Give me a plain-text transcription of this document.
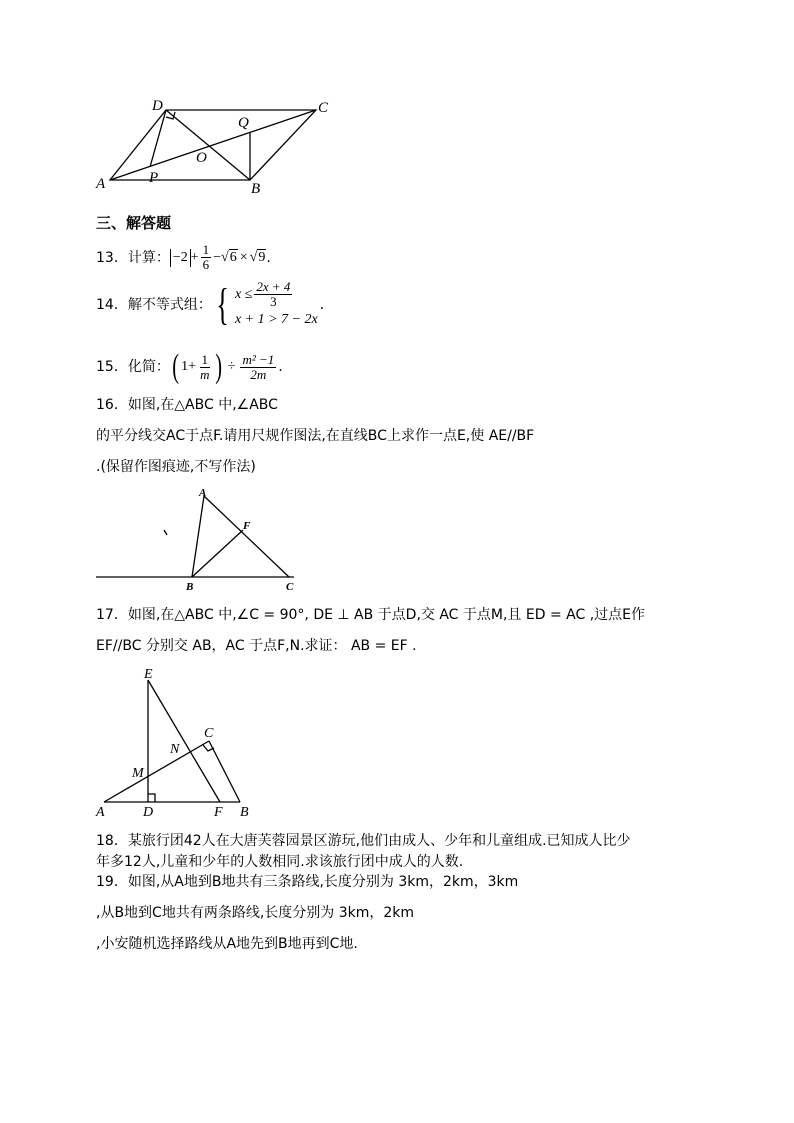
A	B
C
D
O
P
Q
三、解答题
13．计算： $-2 + \frac{1}{6} - √6 \times √9$ .
14．解不等式组： { $x \le \frac{2x + 4}{3}$
x + 1 > 7 − 2x
.
15．化简： ( $1+ \frac{1}{m}$ ) ÷ $\frac{\text{m² −1}}{2m}$ .
16．如图,在△ABC 中,∠ABC
的平分线交AC于点F.请用尺规作图法,在直线BC上求作一点E,使 AE//BF
.(保留作图痕迹,不写作法)
A
B	C
F
17．如图,在△ABC 中,∠C = 90°, DE ⊥ AB 于点D,交 AC 于点M,且 ED = AC ,过点E作
EF//BC 分别交 AB，AC 于点F,N.求证： AB = EF .
A	D	F B
E
M
N
C
18．某旅行团42人在大唐芙蓉园景区游玩,他们由成人、少年和儿童组成.已知成人比少
年多12人,儿童和少年的人数相同.求该旅行团中成人的人数.
19．如图,从A地到B地共有三条路线,长度分别为 3km，2km，3km
,从B地到C地共有两条路线,长度分别为 3km，2km
,小安随机选择路线从A地先到B地再到C地.
